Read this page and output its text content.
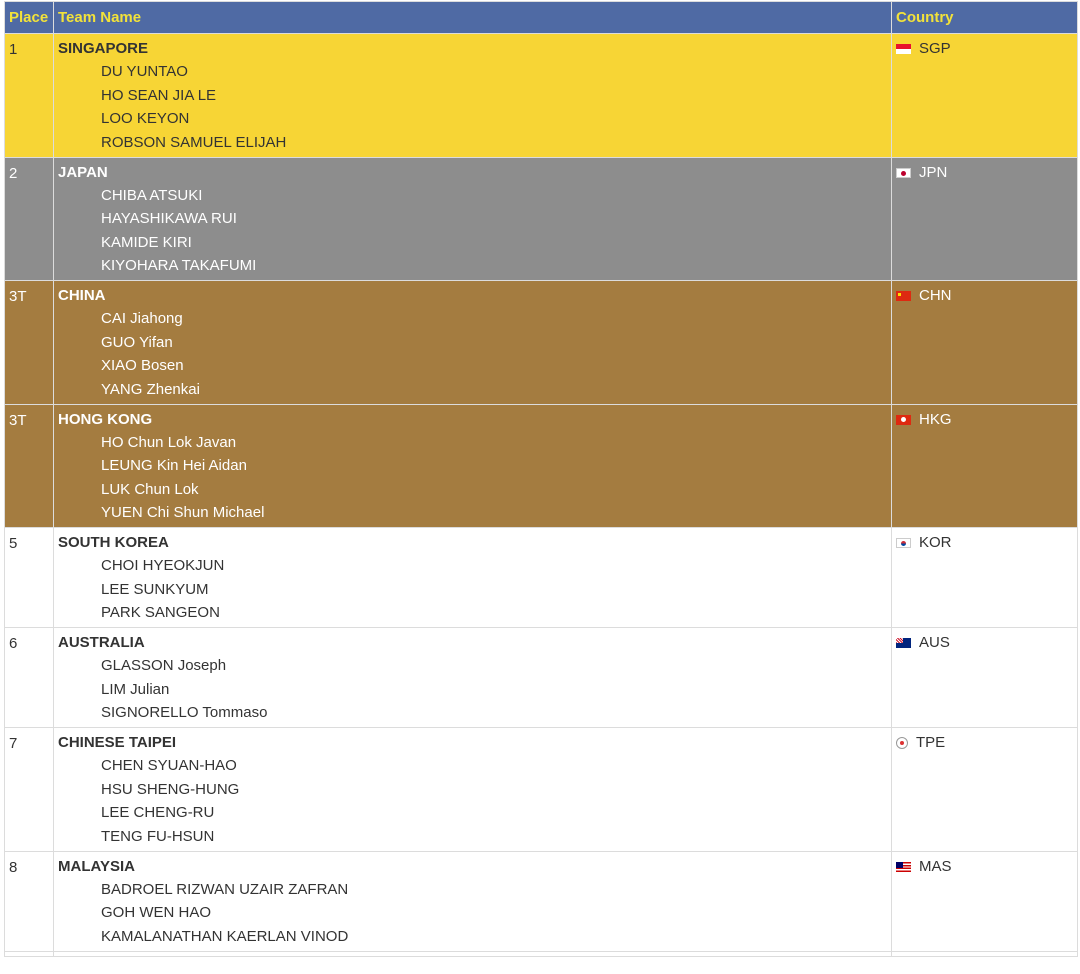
Place	Team Name	Country
1	SINGAPORE
DU YUNTAO
HO SEAN JIA LE
LOO KEYON
ROBSON SAMUEL ELIJAH	SGP

2	JAPAN
CHIBA ATSUKI
HAYASHIKAWA RUI
KAMIDE KIRI
KIYOHARA TAKAFUMI	JPN

3T	CHINA
CAI Jiahong
GUO Yifan
XIAO Bosen
YANG Zhenkai	CHN

3T	HONG KONG
HO Chun Lok Javan
LEUNG Kin Hei Aidan
LUK Chun Lok
YUEN Chi Shun Michael	HKG

5	SOUTH KOREA
CHOI HYEOKJUN
LEE SUNKYUM
PARK SANGEON	KOR

6	AUSTRALIA
GLASSON Joseph
LIM Julian
SIGNORELLO Tommaso	AUS

7	CHINESE TAIPEI
CHEN SYUAN-HAO
HSU SHENG-HUNG
LEE CHENG-RU
TENG FU-HSUN	TPE

8	MALAYSIA
BADROEL RIZWAN UZAIR ZAFRAN
GOH WEN HAO
KAMALANATHAN KAERLAN VINOD	MAS
